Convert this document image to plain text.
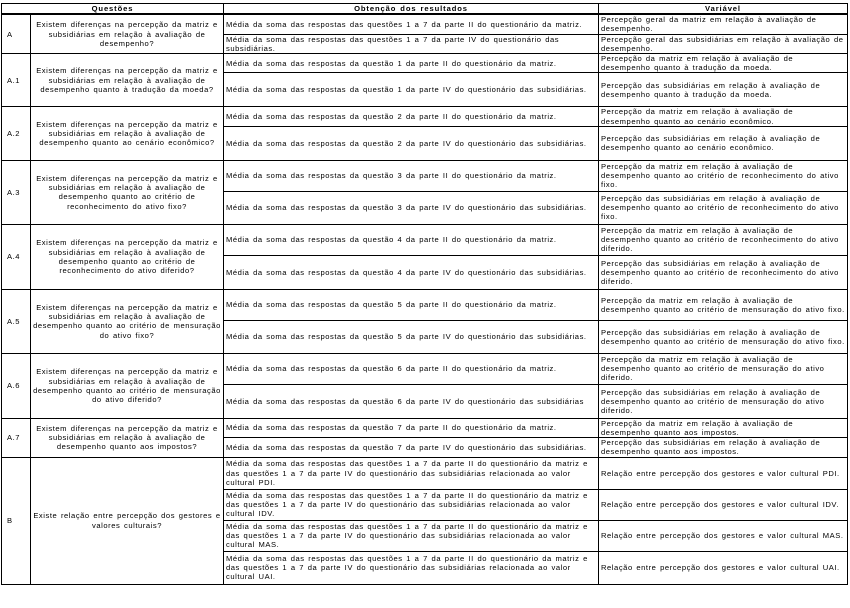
Questões		Obtenção dos resultados	Variável
A	Existem diferenças na percepção da matriz e subsidiárias em relação à avaliação de desempenho?	Média da soma das respostas das questões 1 a 7 da parte II do questionário da matriz.	Percepção geral da matriz em relação à avaliação de desempenho.
		Média da soma das respostas das questões 1 a 7 da parte IV do questionário das subsidiárias.	Percepção geral das subsidiárias em relação à avaliação de desempenho.
A.1	Existem diferenças na percepção da matriz e subsidiárias em relação à avaliação de desempenho quanto à tradução da moeda?	Média da soma das respostas da questão 1 da parte II do questionário da matriz.	Percepção da matriz em relação à avaliação de desempenho quanto à tradução da moeda.
		Média da soma das respostas da questão 1 da parte IV do questionário das subsidiárias.	Percepção das subsidiárias em relação à avaliação de desempenho quanto à tradução da moeda.
A.2	Existem diferenças na percepção da matriz e subsidiárias em relação à avaliação de desempenho quanto ao cenário econômico?	Média da soma das respostas da questão 2 da parte II do questionário da matriz.	Percepção da matriz em relação à avaliação de desempenho quanto ao cenário econômico.
		Média da soma das respostas da questão 2 da parte IV do questionário das subsidiárias.	Percepção das subsidiárias em relação à avaliação de desempenho quanto ao cenário econômico.
A.3	Existem diferenças na percepção da matriz e subsidiárias em relação à avaliação de desempenho quanto ao critério de reconhecimento do ativo fixo?	Média da soma das respostas da questão 3 da parte II do questionário da matriz.	Percepção da matriz em relação à avaliação de desempenho quanto ao critério de reconhecimento do ativo fixo.
		Média da soma das respostas da questão 3 da parte IV do questionário das subsidiárias.	Percepção das subsidiárias em relação à avaliação de desempenho quanto ao critério de reconhecimento do ativo fixo.
A.4	Existem diferenças na percepção da matriz e subsidiárias em relação à avaliação de desempenho quanto ao critério de reconhecimento do ativo diferido?	Média da soma das respostas da questão 4 da parte II do questionário da matriz.	Percepção da matriz em relação à avaliação de desempenho quanto ao critério de reconhecimento do ativo diferido.
		Média da soma das respostas da questão 4 da parte IV do questionário das subsidiárias.	Percepção das subsidiárias em relação à avaliação de desempenho quanto ao critério de reconhecimento do ativo diferido.
A.5	Existem diferenças na percepção da matriz e subsidiárias em relação à avaliação de desempenho quanto ao critério de mensuração do ativo fixo?	Média da soma das respostas da questão 5 da parte II do questionário da matriz.	Percepção da matriz em relação à avaliação de desempenho quanto ao critério de mensuração do ativo fixo.
		Média da soma das respostas da questão 5 da parte IV do questionário das subsidiárias.	Percepção das subsidiárias em relação à avaliação de desempenho quanto ao critério de mensuração do ativo fixo.
A.6	Existem diferenças na percepção da matriz e subsidiárias em relação à avaliação de desempenho quanto ao critério de mensuração do ativo diferido?	Média da soma das respostas da questão 6 da parte II do questionário da matriz.	Percepção da matriz em relação à avaliação de desempenho quanto ao critério de mensuração do ativo diferido.
		Média da soma das respostas da questão 6 da parte IV do questionário das subsidiárias	Percepção das subsidiárias em relação à avaliação de desempenho quanto ao critério de mensuração do ativo diferido.
A.7	Existem diferenças na percepção da matriz e subsidiárias em relação à avaliação de desempenho quanto aos impostos?	Média da soma das respostas da questão 7 da parte II do questionário da matriz.	Percepção da matriz em relação à avaliação de desempenho quanto aos impostos.
		Média da soma das respostas da questão 7 da parte IV do questionário das subsidiárias.	Percepção das subsidiárias em relação à avaliação de desempenho quanto aos impostos.
B	Existe relação entre percepção dos gestores e valores culturais?	Média da soma das respostas das questões 1 a 7 da parte II do questionário da matriz e das questões 1 a 7 da parte IV do questionário das subsidiárias relacionada ao valor cultural PDI.	Relação entre percepção dos gestores e valor cultural PDI.
		Média da soma das respostas das questões 1 a 7 da parte II do questionário da matriz e das questões 1 a 7 da parte IV do questionário das subsidiárias relacionada ao valor cultural IDV.	Relação entre percepção dos gestores e valor cultural IDV.
		Média da soma das respostas das questões 1 a 7 da parte II do questionário da matriz e das questões 1 a 7 da parte IV do questionário das subsidiárias relacionada ao valor cultural MAS.	Relação entre percepção dos gestores e valor cultural MAS.
		Média da soma das respostas das questões 1 a 7 da parte II do questionário da matriz e das questões 1 a 7 da parte IV do questionário das subsidiárias relacionada ao valor cultural UAI.	Relação entre percepção dos gestores e valor cultural UAI.
